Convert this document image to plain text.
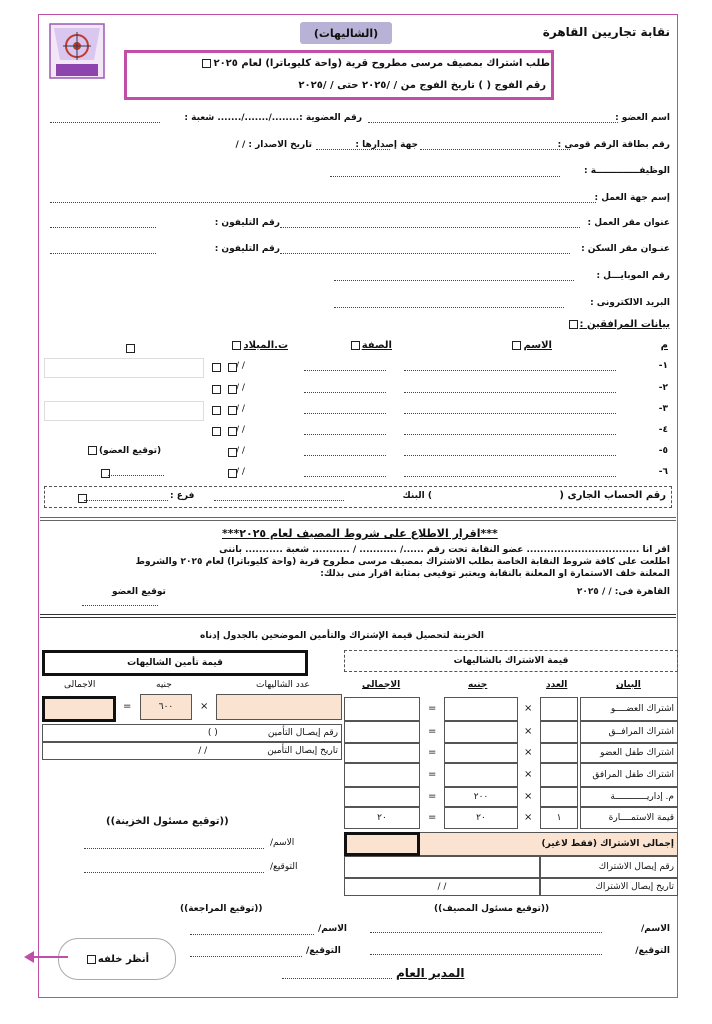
نقابة تجاريين القاهرة
(الشاليهات)
طلب اشتراك بمصيف مرسى مطروح قرية (واحة كليوباترا) لعام ٢٠٢٥
رقم الفوج ( ) تاريخ الفوج من / /٢٠٢٥ حتى / /٢٠٢٥
اسم العضو :
رقم العضوية :......../......./....... شعبة :
رقم بطاقة الرقم قومى :
جهة إصدارها :
تاريخ الاصدار : / /
الوظيفــــــــــــــة :
إسم جهة العمل :
عنوان مقر العمل :
رقم التليفون :
عنـوان مقر السكن :
رقم التليفون :
رقم الموبايـــل :
البريد الالكترونى :
بيانات المرافقين :
م
الاسم
الصفة
ت.الميلاد
١-
/ /
٢-
/ /
٣-
/ /
٤-
/ /
٥-
/ /
(توقيع العضو)
٦-
/ /
رقم الحساب الجارى (
) البنك
فرع :
***اقرار الاطلاع على شروط المصيف لعام ٢٠٢٥***
اقر انا ................................. عضو النقابة تحت رقم ....../ ........... / ........... شعبة ........... باننى
اطلعت على كافة شروط النقابة الخاصة بطلب الاشتراك بمصيف مرسى مطروح قرية (واحة كليوباترا) لعام ٢٠٢٥ والشروط
المعلنة خلف الاستمارة او المعلنة بالنقابة ويعتبر توقيعى بمثابة اقرار منى بذلك:
القاهرة فى: / / ٢٠٢٥
توقيع العضو
الخزينة لتحصيل قيمة الإشتراك والتأمين الموضحين بالجدول إدناه
قيمة تأمين الشاليهات
عدد الشاليهات
جنيه
الاجمالى
×
٦٠٠
=
رقم إيصـال التأمين
( )
تاريخ إيصال التأمين
/ /
قيمة الاشتراك بالشاليهات
البيان
العدد
جنيه
الاجمالى
اشتراك العضــــو
×
=
اشتراك المرافــق
×
=
اشتراك طفل العضو
×
=
اشتراك طفل المرافق
×
=
م. إداريــــــــــــة
×
٢٠٠
=
قيمة الاستمــــارة
١
×
٢٠
=
٢٠
إجمالى الاشتراك (فقط لاغير)
رقم إيصال الاشتراك
تاريخ إيصال الاشتراك
/ /
((توقيع مسئول الخزينة))
الاسم/
التوقيع/
((توقيع مسئول المصيف))
((توقيع المراجعة))
الاسم/
التوقيع/
الاسم/
التوقيع/
أنظر خلفه
المدير العام
